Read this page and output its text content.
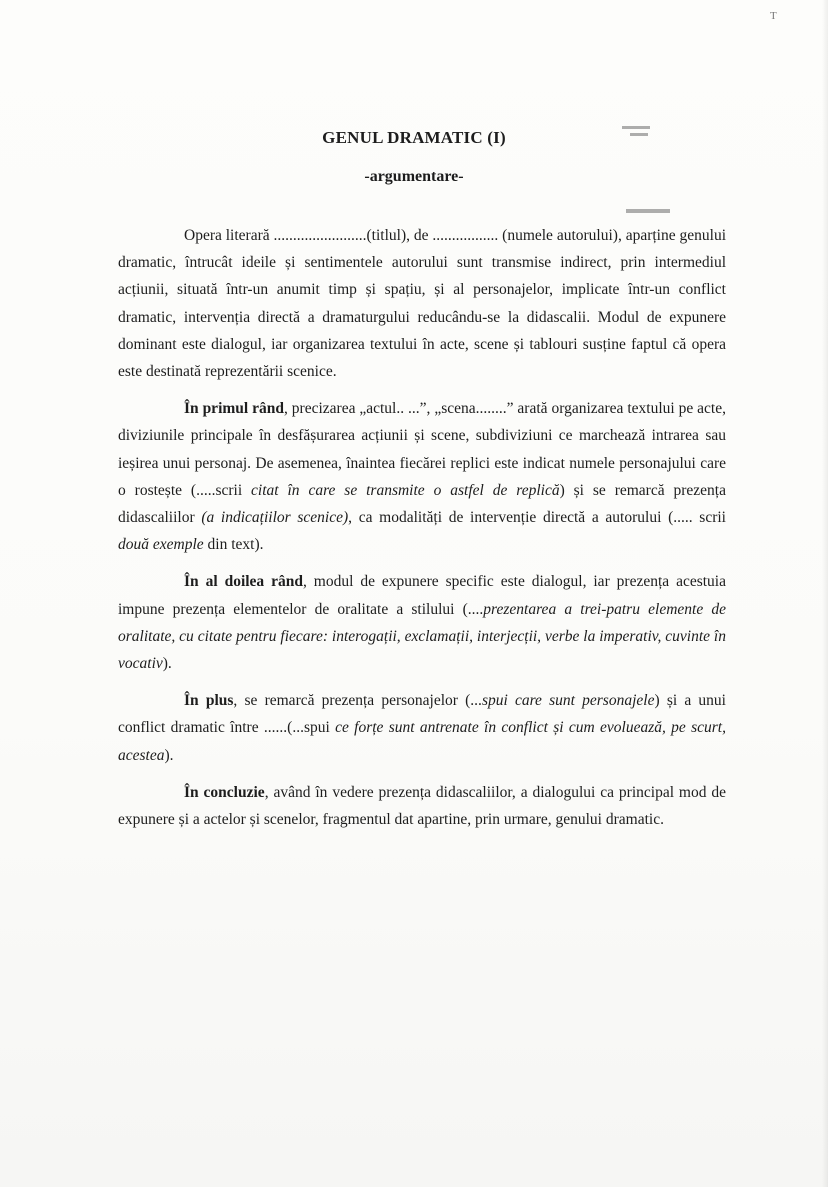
T
GENUL DRAMATIC (I)
-argumentare-

Opera literară ........................(titlul), de ................. (numele autorului), aparține genului dramatic, întrucât ideile și sentimentele autorului sunt transmise indirect, prin intermediul acțiunii, situată într-un anumit timp și spațiu, și al personajelor, implicate într-un conflict dramatic, intervenția directă a dramaturgului reducându-se la didascalii. Modul de expunere dominant este dialogul, iar organizarea textului în acte, scene și tablouri susține faptul că opera este destinată reprezentării scenice.

În primul rând, precizarea „actul.. ...”, „scena........” arată organizarea textului pe acte, diviziunile principale în desfășurarea acțiunii și scene, subdiviziuni ce marchează intrarea sau ieșirea unui personaj. De asemenea, înaintea fiecărei replici este indicat numele personajului care o rostește (.....scrii citat în care se transmite o astfel de replică) și se remarcă prezența didascaliilor (a indicațiilor scenice), ca modalități de intervenție directă a autorului (..... scrii două exemple din text).

În al doilea rând, modul de expunere specific este dialogul, iar prezența acestuia impune prezența elementelor de oralitate a stilului (....prezentarea a trei-patru elemente de oralitate, cu citate pentru fiecare: interogații, exclamații, interjecții, verbe la imperativ, cuvinte în vocativ).

În plus, se remarcă prezența personajelor (...spui care sunt personajele) și a unui conflict dramatic între ......(...spui ce forțe sunt antrenate în conflict și cum evoluează, pe scurt, acestea).

În concluzie, având în vedere prezența didascaliilor, a dialogului ca principal mod de expunere și a actelor și scenelor, fragmentul dat apartine, prin urmare, genului dramatic.
